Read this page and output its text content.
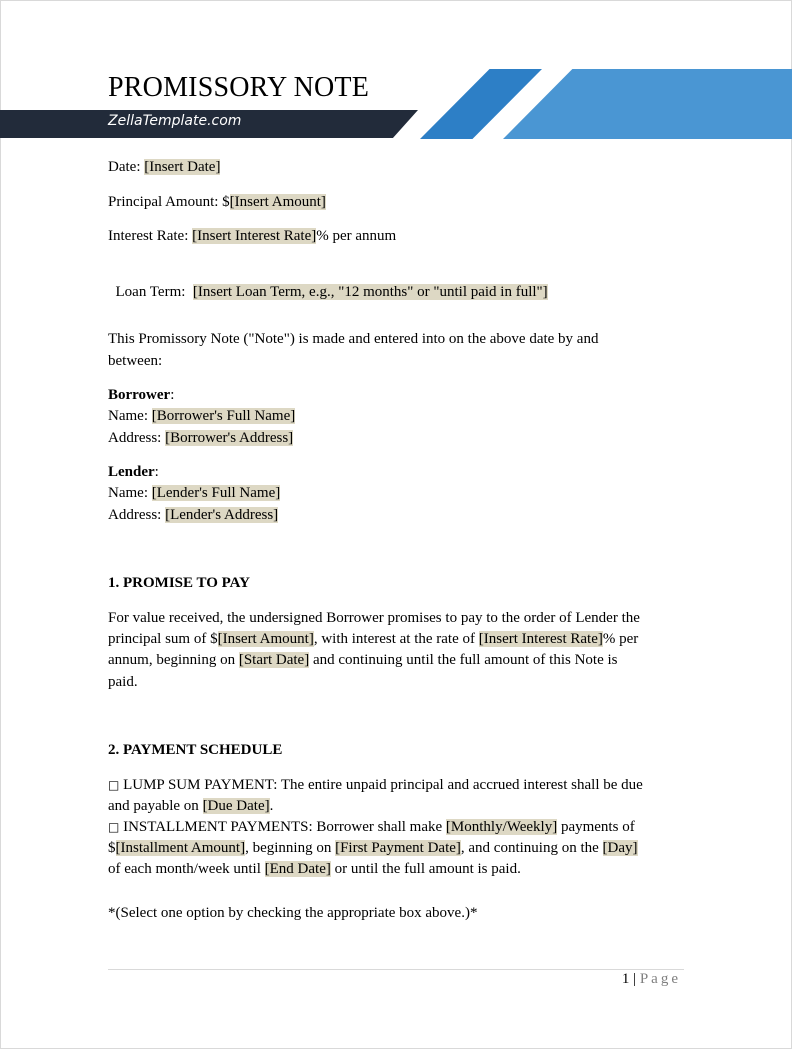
PROMISSORY NOTE
ZellaTemplate.com
Date: [Insert Date]
Principal Amount: $[Insert Amount]
Interest Rate: [Insert Interest Rate]% per annum

Loan Term:  [Insert Loan Term, e.g., "12 months" or "until paid in full"]

This Promissory Note ("Note") is made and entered into on the above date by and
between:
Borrower:
Name: [Borrower's Full Name]
Address: [Borrower's Address]
Lender:
Name: [Lender's Full Name]
Address: [Lender's Address]
1. PROMISE TO PAY
For value received, the undersigned Borrower promises to pay to the order of Lender the
principal sum of $[Insert Amount], with interest at the rate of [Insert Interest Rate]% per
annum, beginning on [Start Date] and continuing until the full amount of this Note is
paid.
2. PAYMENT SCHEDULE
□ LUMP SUM PAYMENT: The entire unpaid principal and accrued interest shall be due
and payable on [Due Date].
□ INSTALLMENT PAYMENTS: Borrower shall make [Monthly/Weekly] payments of
$[Installment Amount], beginning on [First Payment Date], and continuing on the [Day]
of each month/week until [End Date] or until the full amount is paid.
*(Select one option by checking the appropriate box above.)*
1 | Page
